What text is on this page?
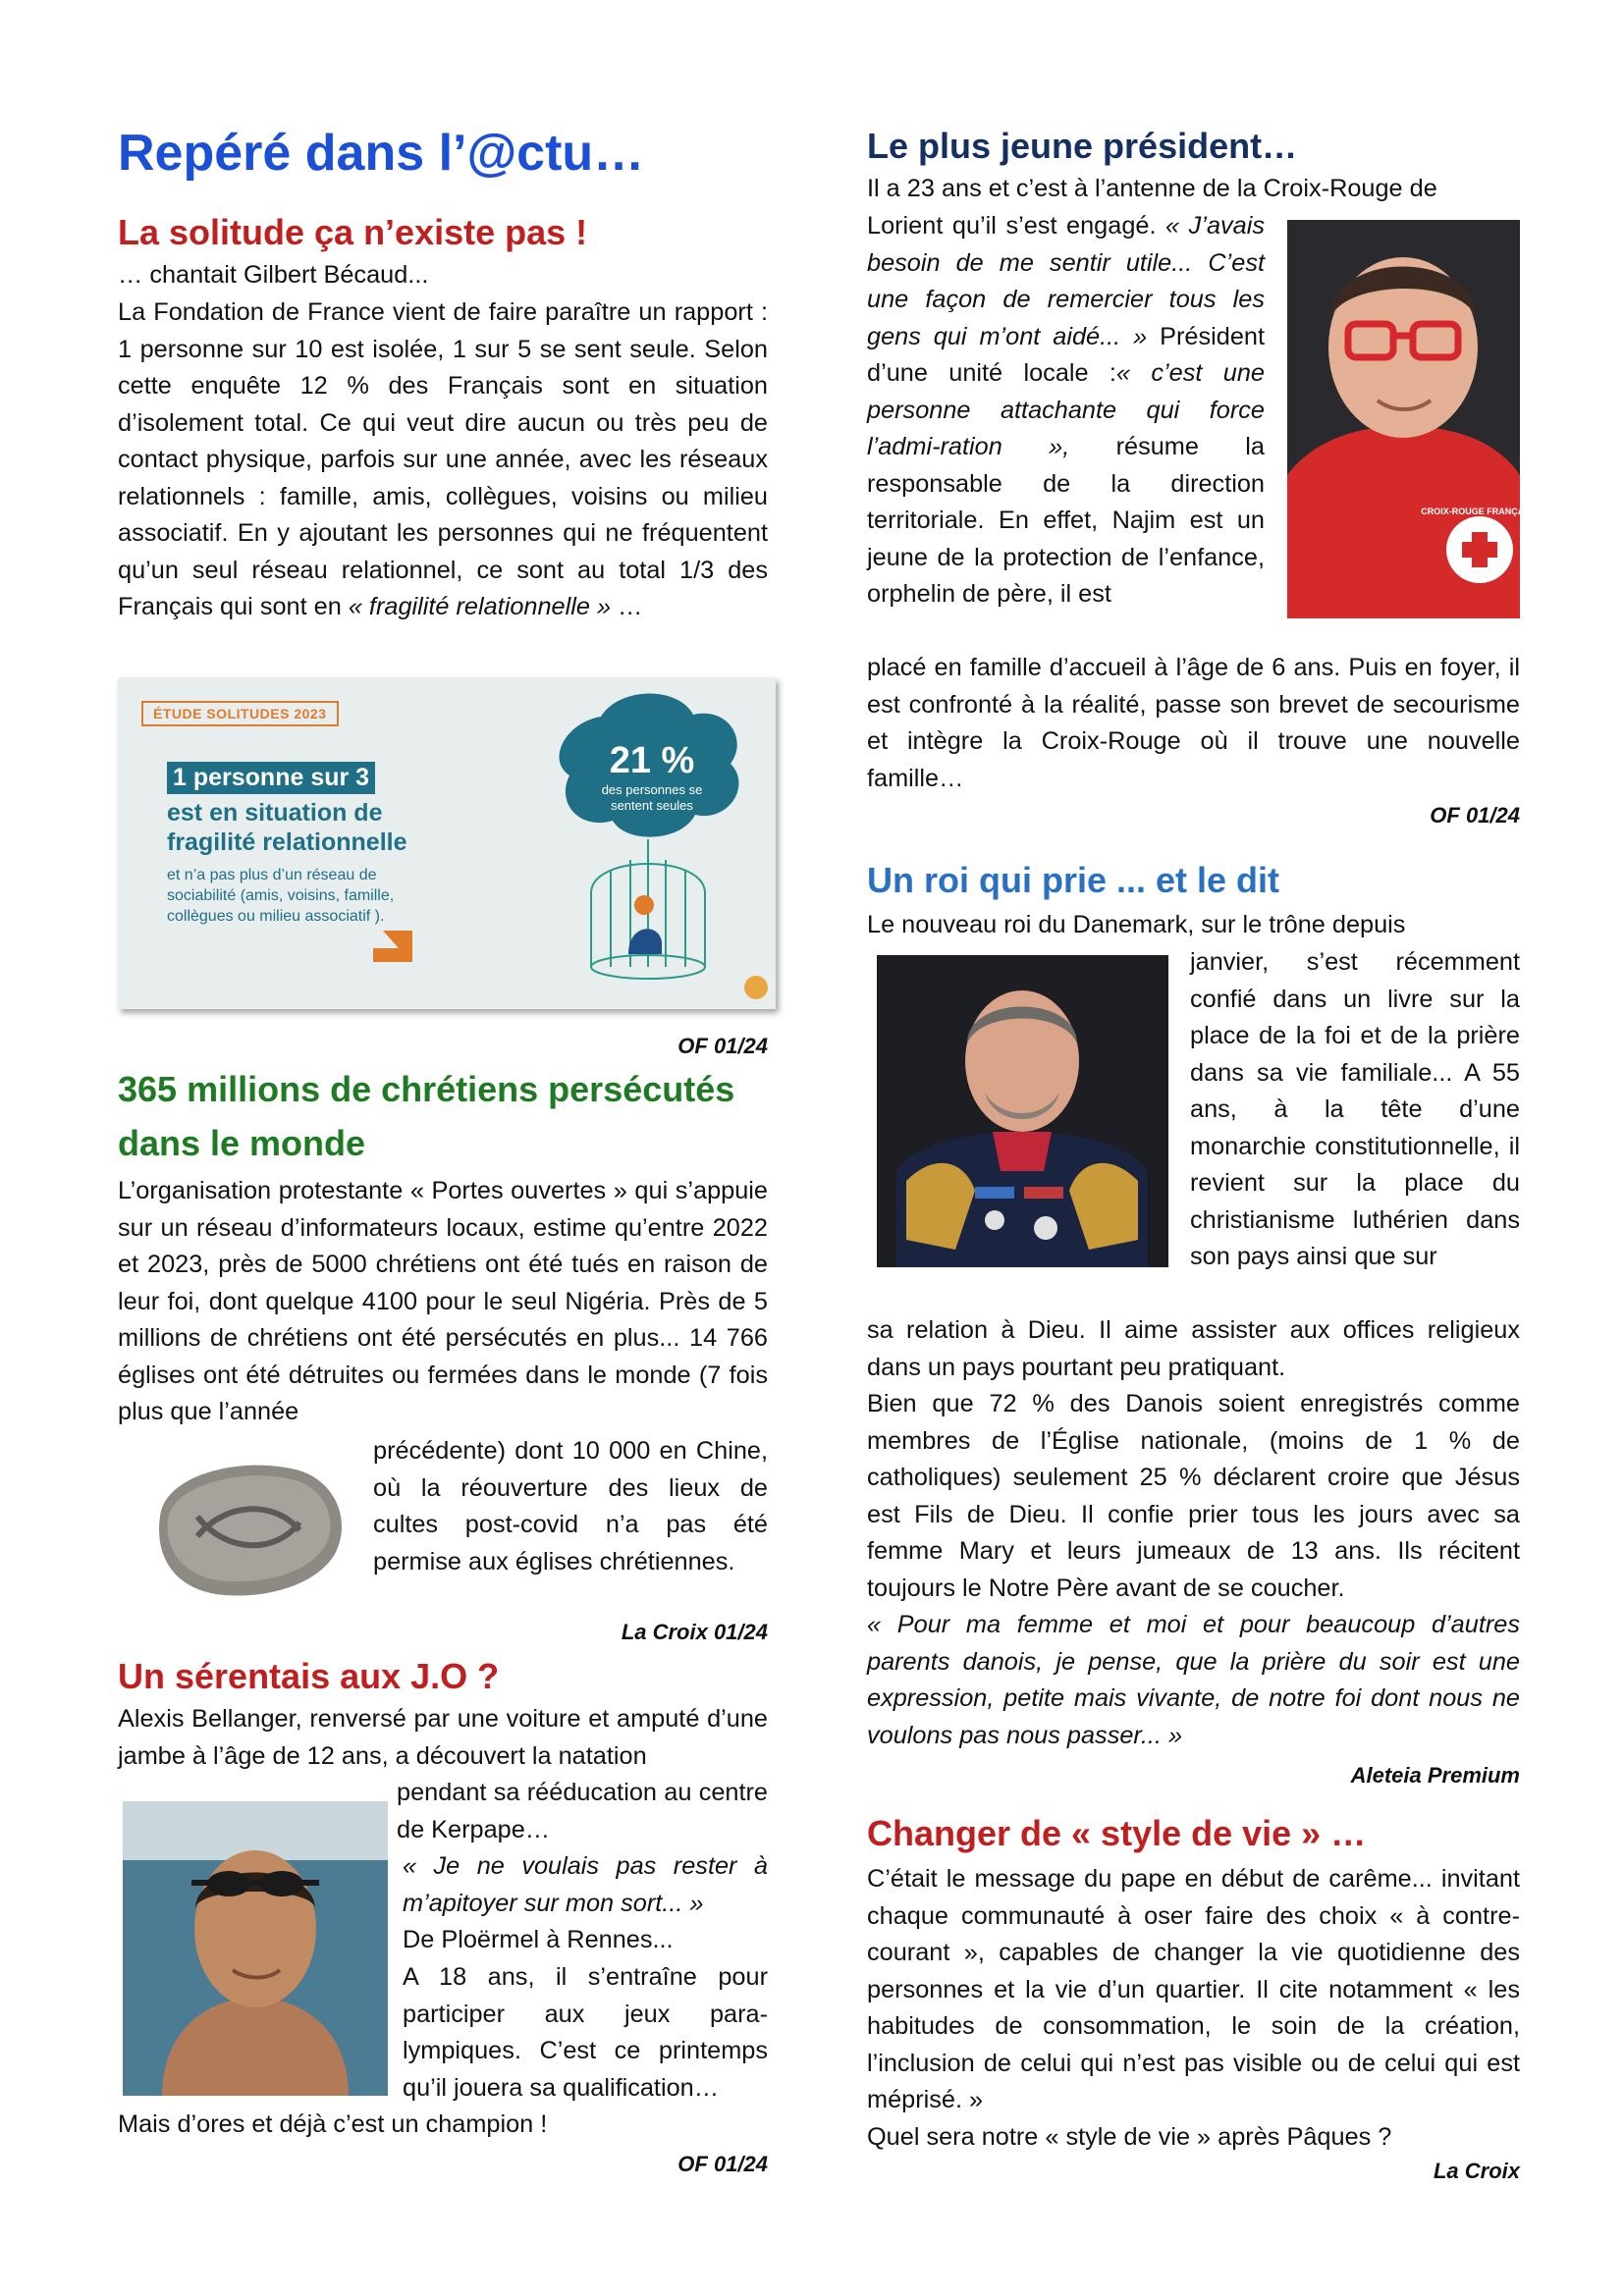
Repéré dans l’@ctu…
La solitude ça n’existe pas !

… chantait Gilbert Bécaud...

La Fondation de France vient de faire paraître un rapport : 1 personne sur 10 est isolée, 1 sur 5 se sent seule. Selon cette enquête 12 % des Français sont en situation d’isolement total. Ce qui veut dire aucun ou très peu de contact physique, parfois sur une année, avec les réseaux relationnels : famille, amis, collègues, voisins ou milieu associatif. En y ajoutant les personnes qui ne fréquentent qu’un seul réseau relationnel, ce sont au total 1/3 des Français qui sont en « fragilité relationnelle » …

ÉTUDE SOLITUDES 2023
1 personne sur 3
est en situation de fragilité relationnelle
et n’a pas plus d’un réseau de sociabilité (amis, voisins, famille, collègues ou milieu associatif ).
21 %
des personnes se sentent seules
OF 01/24
365 millions de chrétiens persécutés
dans le monde

L’organisation protestante « Portes ouvertes » qui s’appuie sur un réseau d’informateurs locaux, estime qu’entre 2022 et 2023, près de 5000 chrétiens ont été tués en raison de leur foi, dont quelque 4100 pour le seul Nigéria. Près de 5 millions de chrétiens ont été persécutés en plus... 14 766 églises ont été détruites ou fermées dans le monde (7 fois plus que l’année

précédente) dont 10 000 en Chine, où la réouverture des lieux de cultes post-covid n’a pas été permise aux églises chrétiennes.

La Croix 01/24
Un sérentais aux J.O ?

Alexis Bellanger, renversé par une voiture et amputé d’une jambe à l’âge de 12 ans, a découvert la natation

pendant sa rééducation au centre de Kerpape…

« Je ne voulais pas rester à m’apitoyer sur mon sort... »

De Ploërmel à Rennes...

A 18 ans, il s’entraîne pour participer aux jeux para-lympiques. C’est ce printemps qu’il jouera sa qualification…

Mais d’ores et déjà c’est un champion !

OF 01/24
Le plus jeune président…

Il a 23 ans et c’est à l’antenne de la Croix-Rouge de

Lorient qu’il s’est engagé. « J’avais besoin de me sentir utile... C’est une façon de remercier tous les gens qui m’ont aidé... » Président d’une unité locale :« c’est une personne attachante qui force l’admi-ration », résume la responsable de la direction territoriale. En effet, Najim est un jeune de la protection de l’enfance, orphelin de père, il est

CROIX-ROUGE FRANÇAISE

placé en famille d’accueil à l’âge de 6 ans. Puis en foyer, il est confronté à la réalité, passe son brevet de secourisme et intègre la Croix-Rouge où il trouve une nouvelle famille…

OF 01/24
Un roi qui prie ... et le dit

Le nouveau roi du Danemark, sur le trône depuis

janvier, s’est récemment confié dans un livre sur la place de la foi et de la prière dans sa vie familiale... A 55 ans, à la tête d’une monarchie constitutionnelle, il revient sur la place du christianisme luthérien dans son pays ainsi que sur

sa relation à Dieu. Il aime assister aux offices religieux dans un pays pourtant peu pratiquant.

Bien que 72 % des Danois soient enregistrés comme membres de l’Église nationale, (moins de 1 % de catholiques) seulement 25 % déclarent croire que Jésus est Fils de Dieu. Il confie prier tous les jours avec sa femme Mary et leurs jumeaux de 13 ans. Ils récitent toujours le Notre Père avant de se coucher.

« Pour ma femme et moi et pour beaucoup d’autres parents danois, je pense, que la prière du soir est une expression, petite mais vivante, de notre foi dont nous ne voulons pas nous passer... »

Aleteia Premium
Changer de « style de vie » …

C’était le message du pape en début de carême... invitant chaque communauté à oser faire des choix « à contre-courant », capables de changer la vie quotidienne des personnes et la vie d’un quartier. Il cite notamment « les habitudes de consommation, le soin de la création, l’inclusion de celui qui n’est pas visible ou de celui qui est méprisé. »

Quel sera notre « style de vie » après Pâques ?

La Croix
